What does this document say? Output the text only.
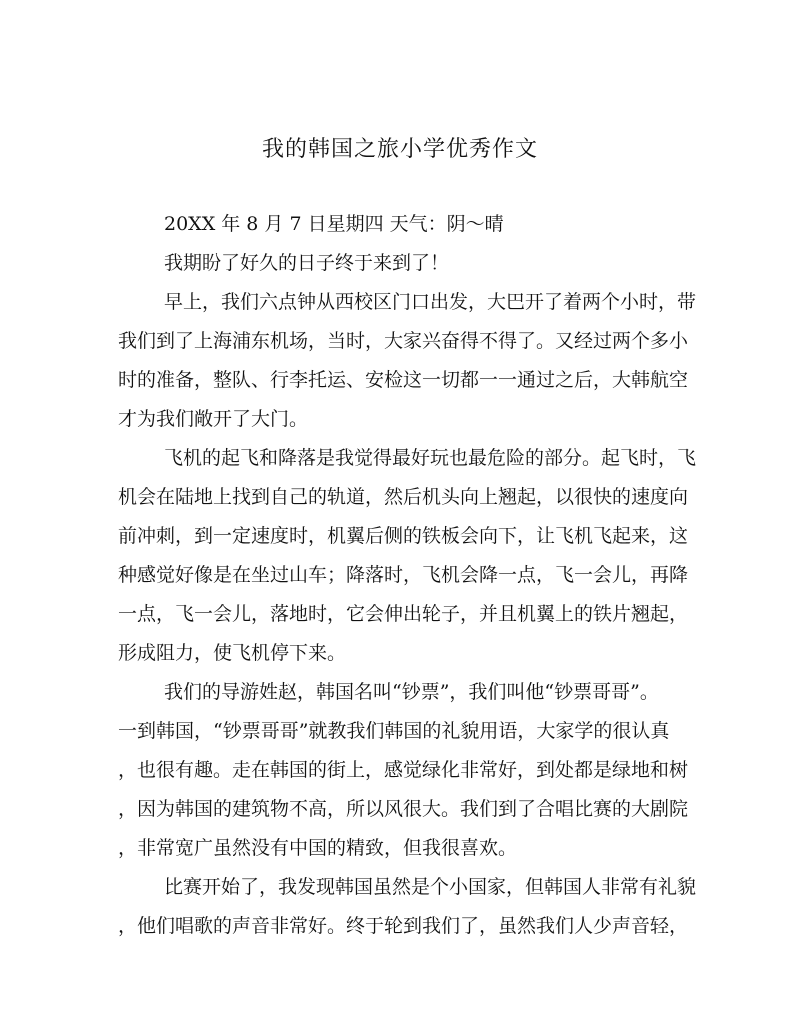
我的韩国之旅小学优秀作文
20XX 年 8 月 7 日星期四 天气：阴～晴
我期盼了好久的日子终于来到了！
早上，我们六点钟从西校区门口出发，大巴开了着两个小时，带
我们到了上海浦东机场，当时，大家兴奋得不得了。又经过两个多小
时的准备，整队、行李托运、安检这一切都一一通过之后，大韩航空
才为我们敞开了大门。
飞机的起飞和降落是我觉得最好玩也最危险的部分。起飞时，飞
机会在陆地上找到自己的轨道，然后机头向上翘起，以很快的速度向
前冲刺，到一定速度时，机翼后侧的铁板会向下，让飞机飞起来，这
种感觉好像是在坐过山车；降落时，飞机会降一点，飞一会儿，再降
一点，飞一会儿，落地时，它会伸出轮子，并且机翼上的铁片翘起，
形成阻力，使飞机停下来。
我们的导游姓赵，韩国名叫“钞票”，我们叫他“钞票哥哥”。
一到韩国，“钞票哥哥”就教我们韩国的礼貌用语，大家学的很认真
，也很有趣。走在韩国的街上，感觉绿化非常好，到处都是绿地和树
，因为韩国的建筑物不高，所以风很大。我们到了合唱比赛的大剧院
，非常宽广虽然没有中国的精致，但我很喜欢。
比赛开始了，我发现韩国虽然是个小国家，但韩国人非常有礼貌
，他们唱歌的声音非常好。终于轮到我们了，虽然我们人少声音轻，
